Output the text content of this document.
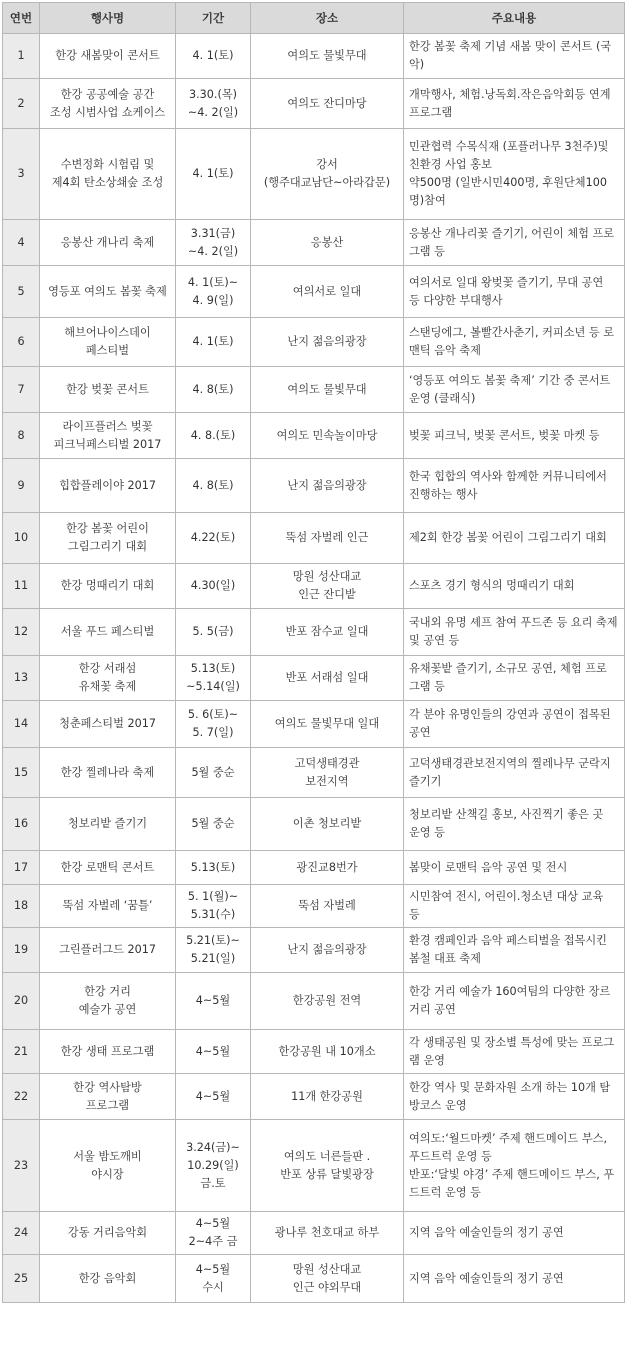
연번	행사명	기간	장소	주요내용
1	한강 새봄맞이 콘서트	4. 1(토)	여의도 물빛무대	한강 봄꽃 축제 기념 새봄 맞이 콘서트 (국
악)

2	한강 공공예술 공간
조성 시범사업 쇼케이스	3.30.(목)
~4. 2(일)	여의도 잔디마당	개막행사, 체험.낭독회.작은음악회등 연계
프로그램

3	수변정화 시험림 및
제4회 탄소상쇄숲 조성	4. 1(토)	강서
(행주대교남단~아라갑문)	민관협력 수목식재 (포플러나무 3천주)및
친환경 사업 홍보
약500명 (일반시민400명, 후원단체100
명)참여

4	응봉산 개나리 축제	3.31(금)
~4. 2(일)	응봉산	응봉산 개나리꽃 즐기기, 어린이 체험 프로
그램 등

5	영등포 여의도 봄꽃 축제	4. 1(토)~
4. 9(일)	여의서로 일대	여의서로 일대 왕벚꽃 즐기기, 무대 공연
등 다양한 부대행사

6	해브어나이스데이
페스티벌	4. 1(토)	난지 젊음의광장	스탠딩에그, 볼빨간사춘기, 커피소년 등 로
맨틱 음악 축제

7	한강 벚꽃 콘서트	4. 8(토)	여의도 물빛무대	‘영등포 여의도 봄꽃 축제’ 기간 중 콘서트
운영 (클래식)

8	라이프플러스 벚꽃
피크닉페스티벌 2017	4. 8.(토)	여의도 민속놀이마당	벚꽃 피크닉, 벚꽃 콘서트, 벚꽃 마켓 등

9	힙합플레이야 2017	4. 8(토)	난지 젊음의광장	한국 힙합의 역사와 함께한 커뮤니티에서
진행하는 행사

10	한강 봄꽃 어린이
그림그리기 대회	4.22(토)	뚝섬 자벌레 인근	제2회 한강 봄꽃 어린이 그림그리기 대회

11	한강 멍때리기 대회	4.30(일)	망원 성산대교
인근 잔디밭	스포츠 경기 형식의 멍때리기 대회

12	서울 푸드 페스티벌	5. 5(금)	반포 잠수교 일대	국내외 유명 셰프 참여 푸드존 등 요리 축제
및 공연 등

13	한강 서래섬
유채꽃 축제	5.13(토)
~5.14(일)	반포 서래섬 일대	유채꽃밭 즐기기, 소규모 공연, 체험 프로
그램 등

14	청춘페스티벌 2017	5. 6(토)~
5. 7(일)	여의도 물빛무대 일대	각 분야 유명인들의 강연과 공연이 접목된
공연

15	한강 찔레나라 축제	5월 중순	고덕생태경관
보전지역	고덕생태경관보전지역의 찔레나무 군락지
즐기기

16	청보리밭 즐기기	5월 중순	이촌 청보리밭	청보리밭 산책길 홍보, 사진찍기 좋은 곳
운영 등

17	한강 로맨틱 콘서트	5.13(토)	광진교8번가	봄맞이 로맨틱 음악 공연 및 전시

18	뚝섬 자벌레 ‘꿈틀’	5. 1(월)~
5.31(수)	뚝섬 자벌레	시민참여 전시, 어린이.청소년 대상 교육
등

19	그린플러그드 2017	5.21(토)~
5.21(일)	난지 젊음의광장	환경 캠페인과 음악 페스티벌을 접목시킨
봄철 대표 축제

20	한강 거리
예술가 공연	4~5월	한강공원 전역	한강 거리 예술가 160여팀의 다양한 장르
거리 공연

21	한강 생태 프로그램	4~5월	한강공원 내 10개소	각 생태공원 및 장소별 특성에 맞는 프로그
램 운영

22	한강 역사탐방
프로그램	4~5월	11개 한강공원	한강 역사 및 문화자원 소개 하는 10개 탐
방코스 운영

23	서울 밤도깨비
야시장	3.24(금)~
10.29(일)
금.토	여의도 너른들판 .
반포 상류 달빛광장	여의도:‘월드마켓’ 주제 핸드메이드 부스,
푸드트럭 운영 등
반포:‘달빛 야경’ 주제 핸드메이드 부스, 푸
드트럭 운영 등

24	강동 거리음악회	4~5월
2~4주 금	광나루 천호대교 하부	지역 음악 예술인들의 정기 공연

25	한강 음악회	4~5월
수시	망원 성산대교
인근 야외무대	지역 음악 예술인들의 정기 공연
